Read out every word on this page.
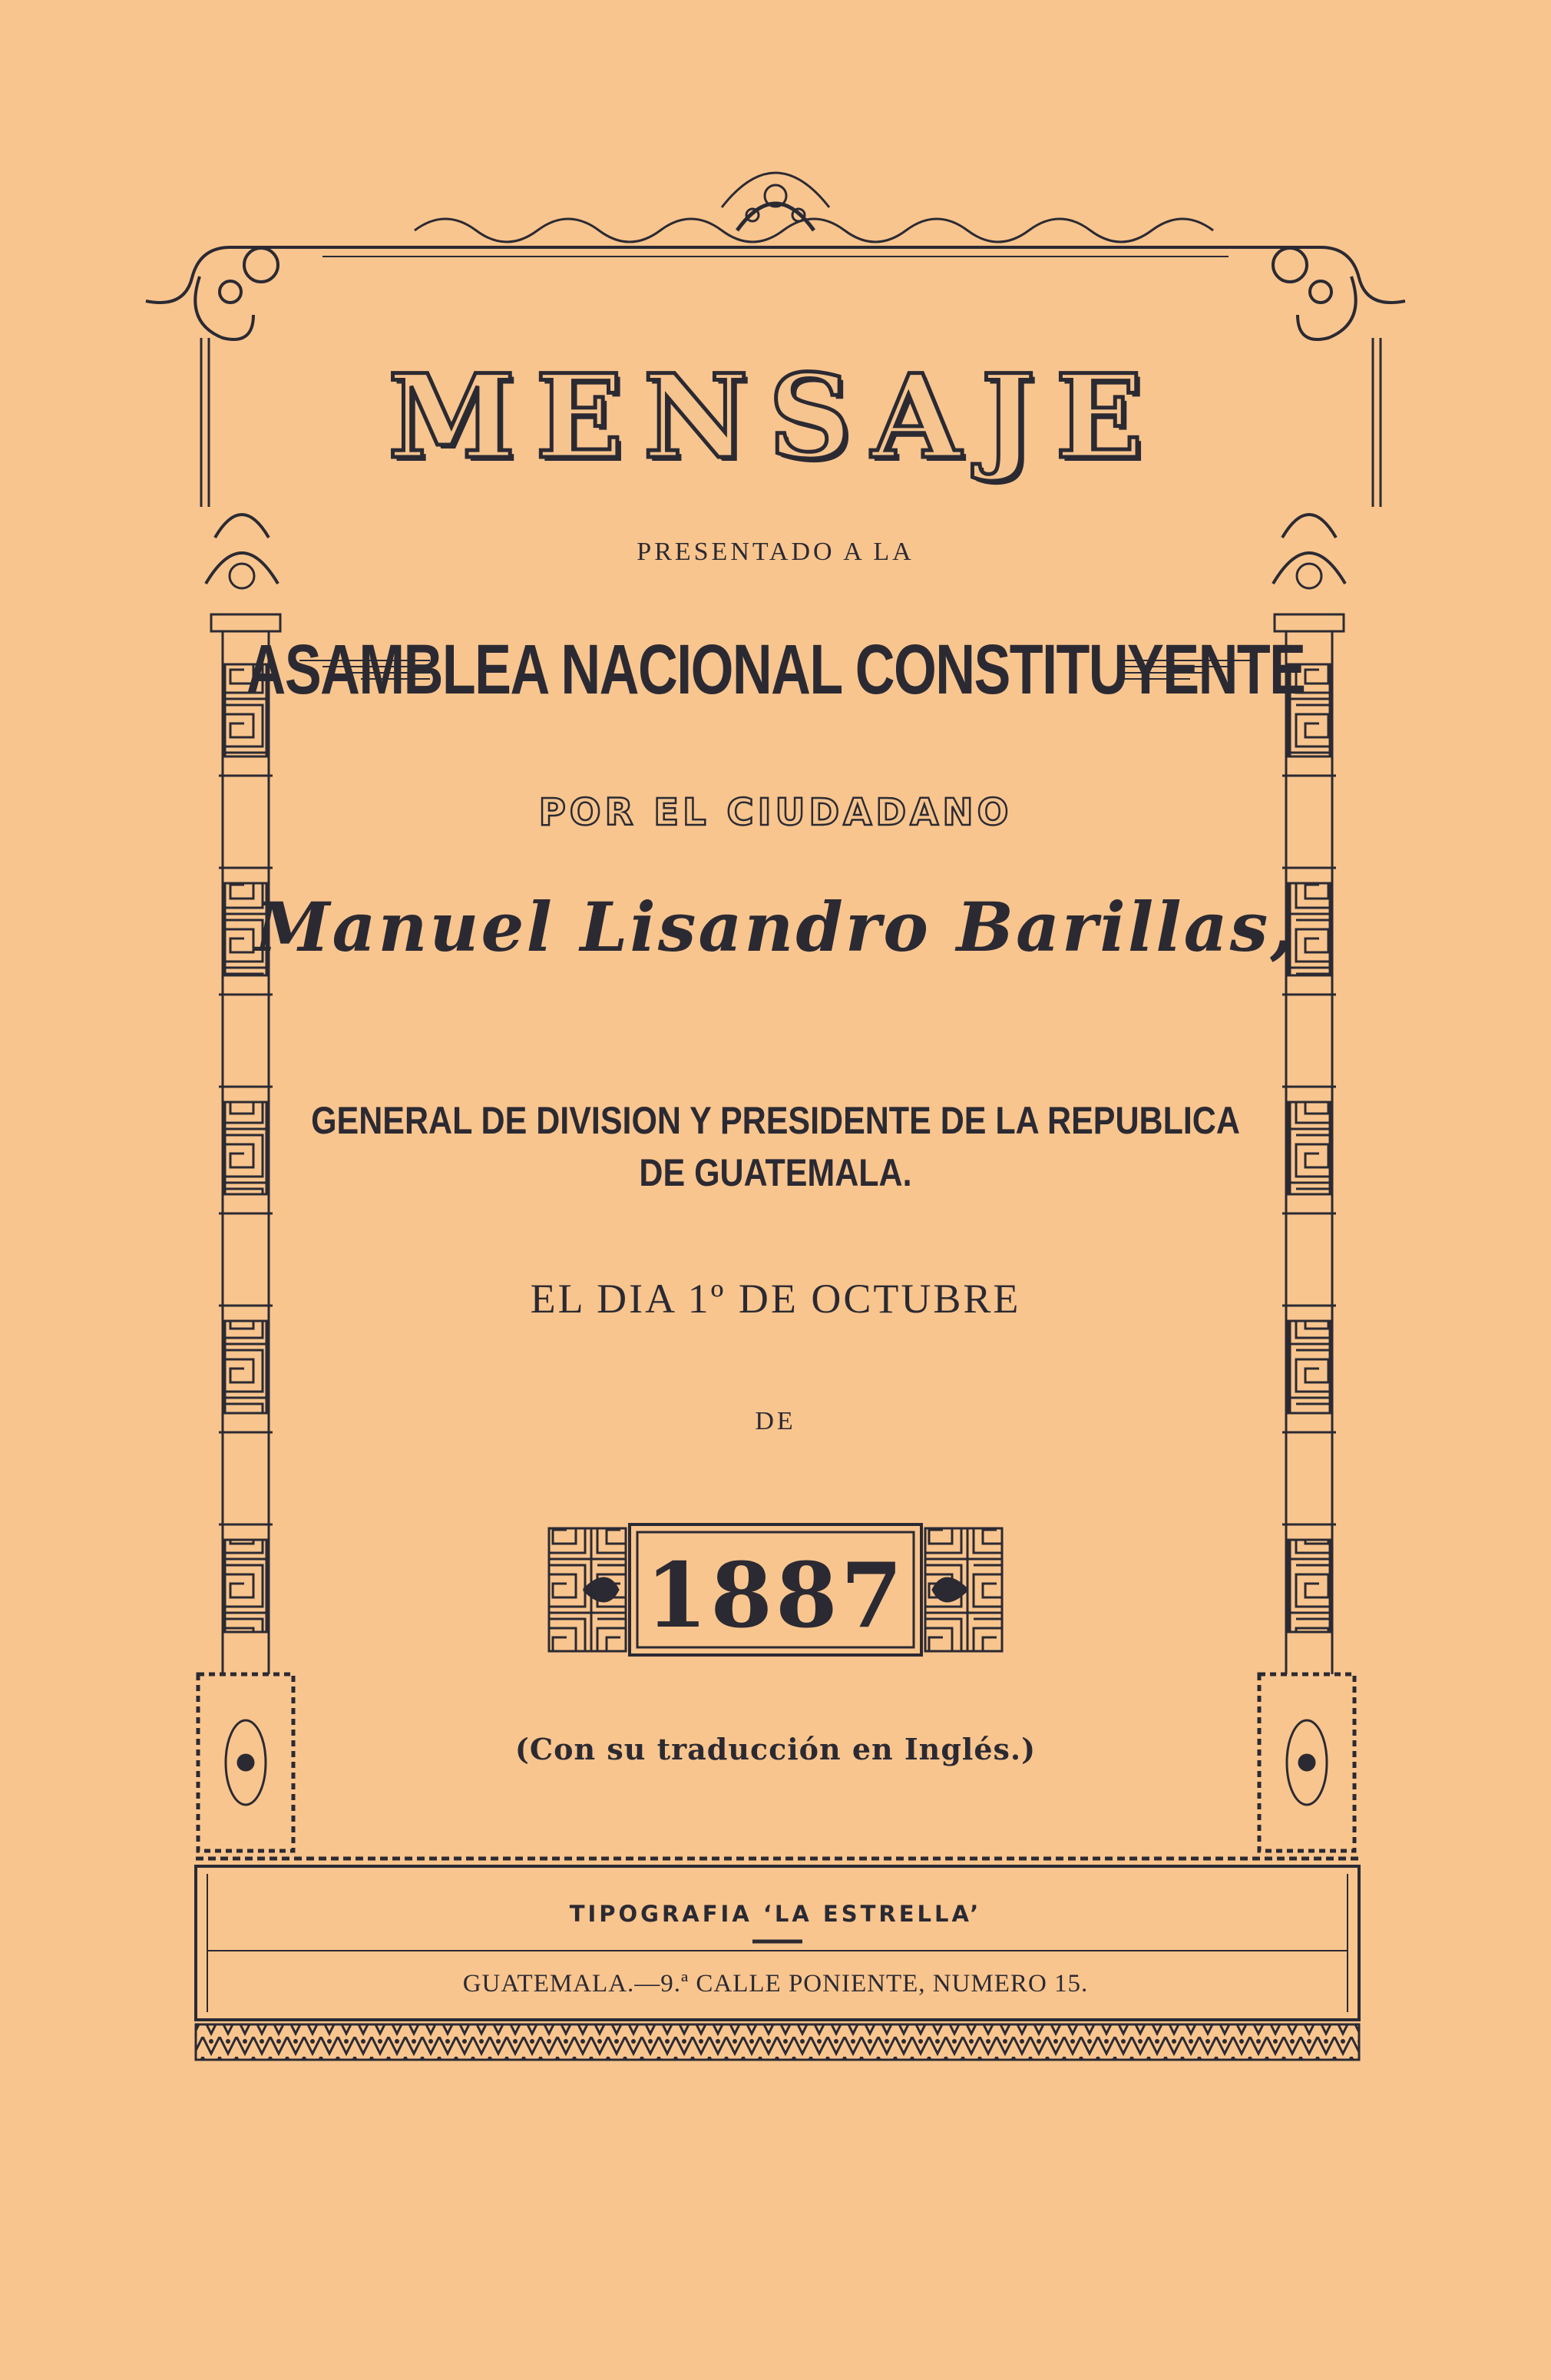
MENSAJE
PRESENTADO A LA
ASAMBLEA NACIONAL CONSTITUYENTE
POR EL CIUDADANO
Manuel Lisandro Barillas,
GENERAL DE DIVISION Y PRESIDENTE DE LA REPUBLICA
DE GUATEMALA.
EL DIA 1º DE OCTUBRE
DE
1887
(Con su traducción en Inglés.)
TIPOGRAFIA ‘LA ESTRELLA’
GUATEMALA.—9.ª CALLE PONIENTE, NUMERO 15.
